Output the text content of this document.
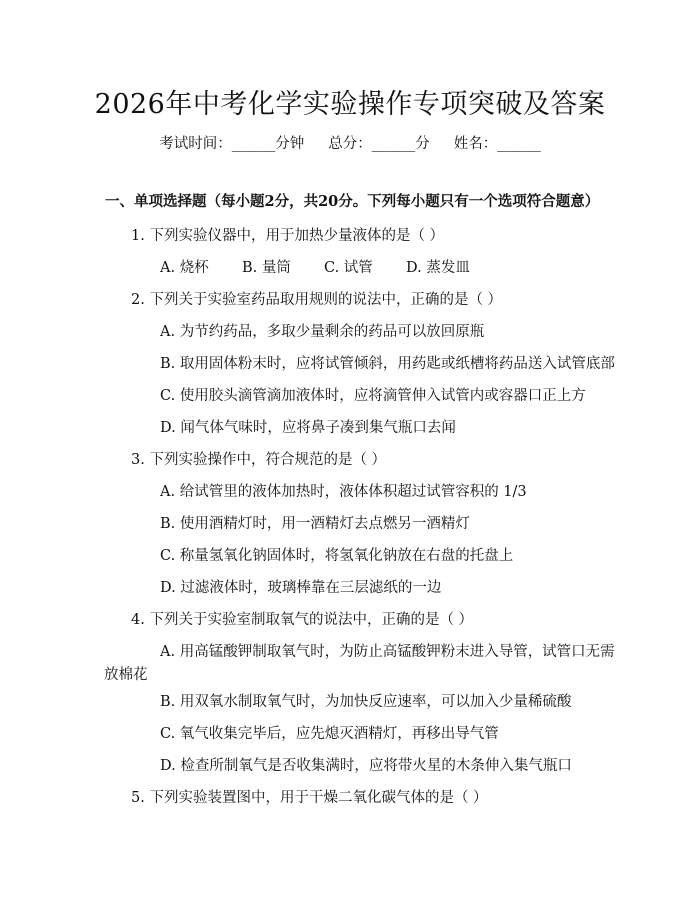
2026年中考化学实验操作专项突破及答案
考试时间：______分钟 总分：______分 姓名：______
一、单项选择题（每小题2分，共20分。下列每小题只有一个选项符合题意）
1. 下列实验仪器中，用于加热少量液体的是（ ）
A. 烧杯	B. 量筒	C. 试管	D. 蒸发皿
2. 下列关于实验室药品取用规则的说法中，正确的是（ ）
A. 为节约药品，多取少量剩余的药品可以放回原瓶
B. 取用固体粉末时，应将试管倾斜，用药匙或纸槽将药品送入试管底部
C. 使用胶头滴管滴加液体时，应将滴管伸入试管内或容器口正上方
D. 闻气体气味时，应将鼻子凑到集气瓶口去闻
3. 下列实验操作中，符合规范的是（ ）
A. 给试管里的液体加热时，液体体积超过试管容积的 1/3
B. 使用酒精灯时，用一酒精灯去点燃另一酒精灯
C. 称量氢氧化钠固体时，将氢氧化钠放在右盘的托盘上
D. 过滤液体时，玻璃棒靠在三层滤纸的一边
4. 下列关于实验室制取氧气的说法中，正确的是（ ）
A. 用高锰酸钾制取氧气时，为防止高锰酸钾粉末进入导管，试管口无需
放棉花
B. 用双氧水制取氧气时，为加快反应速率，可以加入少量稀硫酸
C. 氧气收集完毕后，应先熄灭酒精灯，再移出导气管
D. 检查所制氧气是否收集满时，应将带火星的木条伸入集气瓶口
5. 下列实验装置图中，用于干燥二氧化碳气体的是（ ）
